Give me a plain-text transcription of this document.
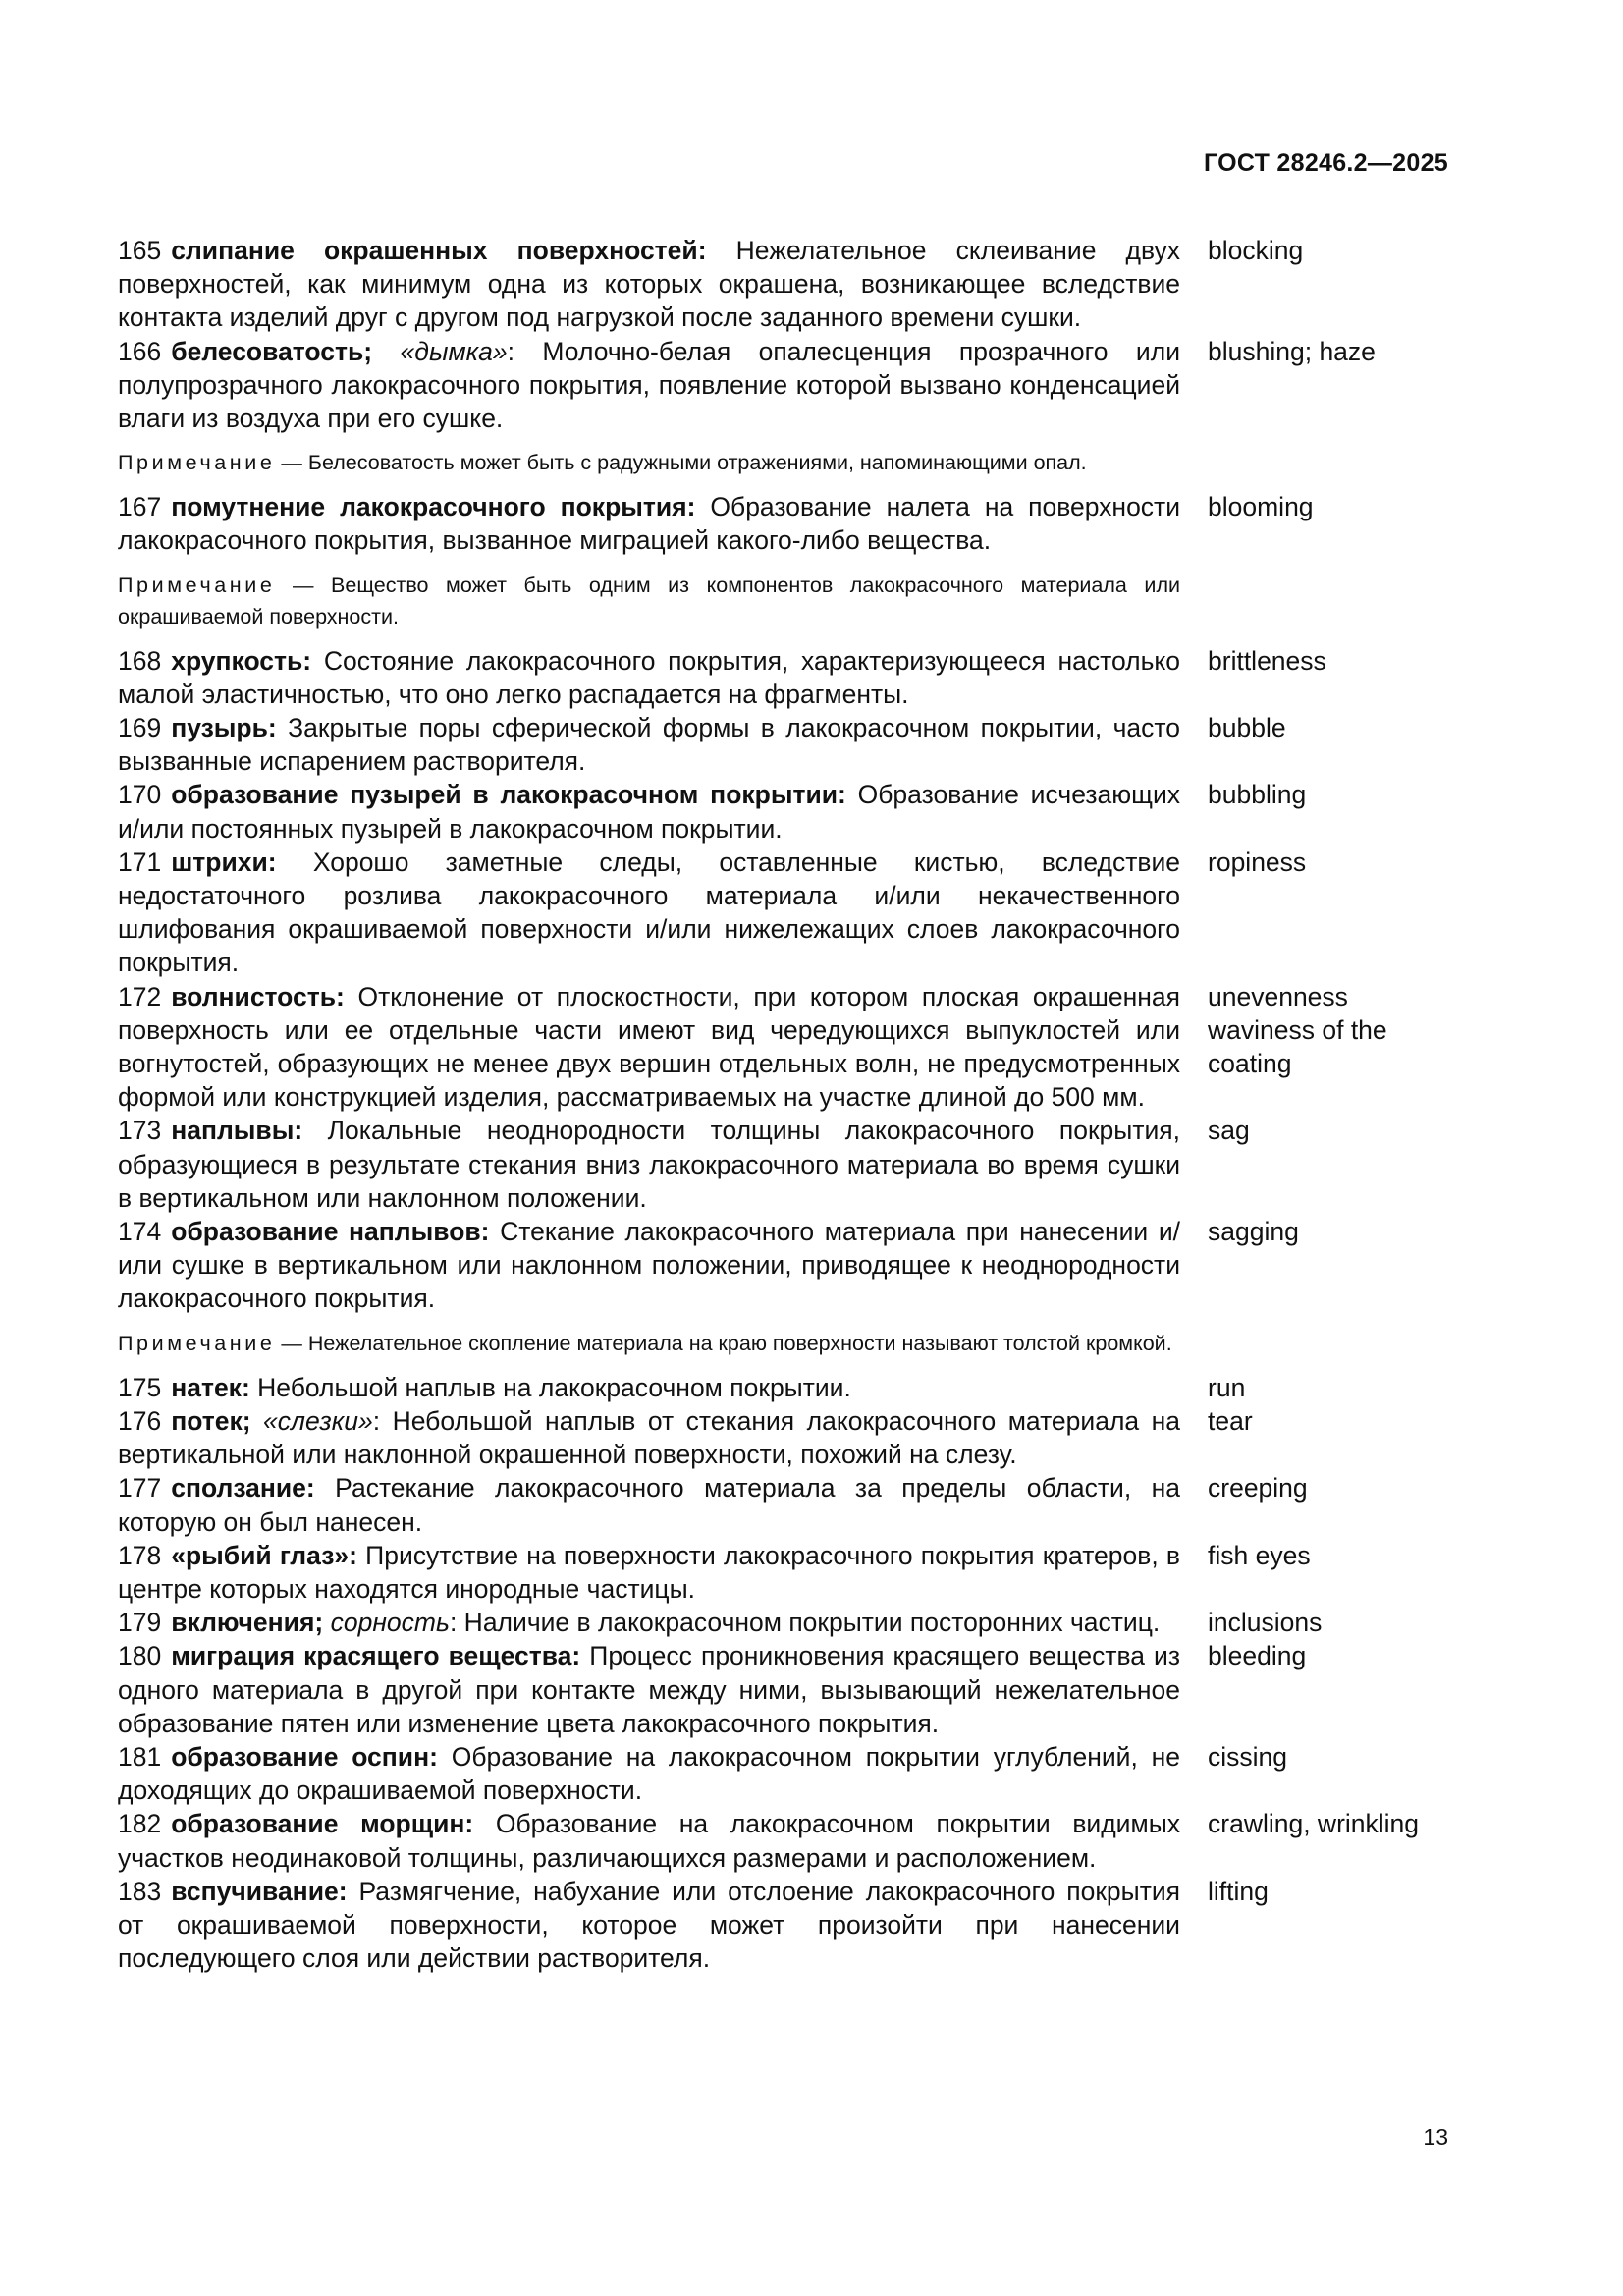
ГОСТ 28246.2—2025
165 слипание окрашенных поверхностей: Нежелательное склеивание двух поверхностей, как минимум одна из которых окрашена, возникающее вследствие контакта изделий друг с другом под нагрузкой после заданного времени сушки.
blocking
166 белесоватость; «дымка»: Молочно-белая опалесценция прозрачного или полупрозрачного лакокрасочного покрытия, появление которой вызвано конденсацией влаги из воздуха при его сушке.
blushing; haze
Примечание — Белесоватость может быть с радужными отражениями, напоминающими опал.
167 помутнение лакокрасочного покрытия: Образование налета на поверхности лакокрасочного покрытия, вызванное миграцией какого-либо вещества.
blooming
Примечание — Вещество может быть одним из компонентов лакокрасочного материала или окрашиваемой поверхности.
168 хрупкость: Состояние лакокрасочного покрытия, характеризующееся настолько малой эластичностью, что оно легко распадается на фрагменты.
brittleness
169 пузырь: Закрытые поры сферической формы в лакокрасочном покрытии, часто вызванные испарением растворителя.
bubble
170 образование пузырей в лакокрасочном покрытии: Образование исчезающих и/или постоянных пузырей в лакокрасочном покрытии.
bubbling
171 штрихи: Хорошо заметные следы, оставленные кистью, вследствие недостаточного розлива лакокрасочного материала и/или некачественного шлифования окрашиваемой поверхности и/или нижележащих слоев лакокрасочного покрытия.
ropiness
172 волнистость: Отклонение от плоскостности, при котором плоская окрашенная поверхность или ее отдельные части имеют вид чередующихся выпуклостей или вогнутостей, образующих не менее двух вершин отдельных волн, не предусмотренных формой или конструкцией изделия, рассматриваемых на участке длиной до 500 мм.
unevenness waviness of the coating
173 наплывы: Локальные неоднородности толщины лакокрасочного покрытия, образующиеся в результате стекания вниз лакокрасочного материала во время сушки в вертикальном или наклонном положении.
sag
174 образование наплывов: Стекание лакокрасочного материала при нанесении и/или сушке в вертикальном или наклонном положении, приводящее к неоднородности лакокрасочного покрытия.
sagging
Примечание — Нежелательное скопление материала на краю поверхности называют толстой кромкой.
175 натек: Небольшой наплыв на лакокрасочном покрытии.	run
176 потек; «слезки»: Небольшой наплыв от стекания лакокрасочного материала на вертикальной или наклонной окрашенной поверхности, похожий на слезу.
tear
177 сползание: Растекание лакокрасочного материала за пределы области, на которую он был нанесен.
creeping
178 «рыбий глаз»: Присутствие на поверхности лакокрасочного покрытия кратеров, в центре которых находятся инородные частицы.
fish eyes
179 включения; сорность: Наличие в лакокрасочном покрытии посторонних частиц.	inclusions
180 миграция красящего вещества: Процесс проникновения красящего вещества из одного материала в другой при контакте между ними, вызывающий нежелательное образование пятен или изменение цвета лакокрасочного покрытия.
bleeding
181 образование оспин: Образование на лакокрасочном покрытии углублений, не доходящих до окрашиваемой поверхности.
cissing
182 образование морщин: Образование на лакокрасочном покрытии видимых участков неодинаковой толщины, различающихся размерами и расположением.
crawling, wrinkling
183 вспучивание: Размягчение, набухание или отслоение лакокрасочного покрытия от окрашиваемой поверхности, которое может произойти при нанесении последующего слоя или действии растворителя.
lifting
13
